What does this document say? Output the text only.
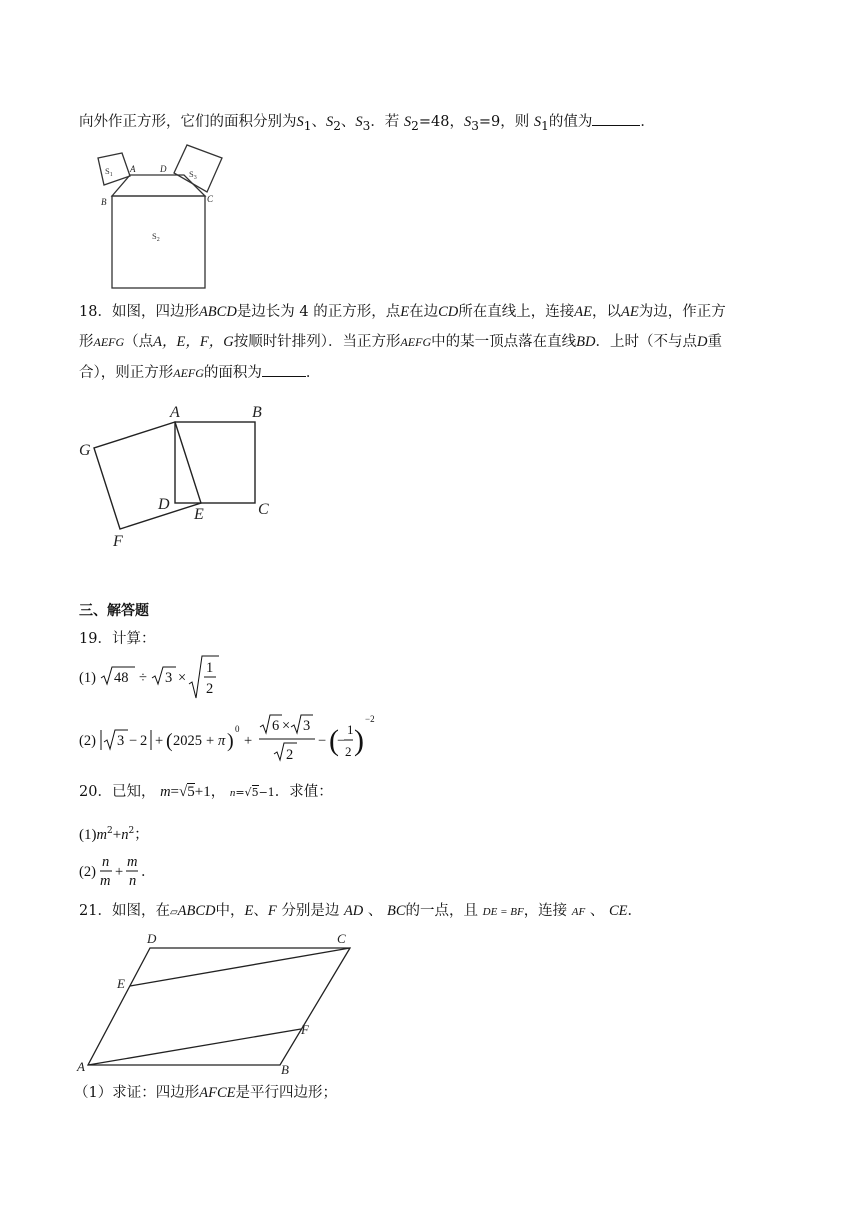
向外作正方形，它们的面积分别为$S_1$、$S_2$、$S_3$．若 $S_2=48$，$S_3=9$，则 $S_1$的值为	．
A	D
B	C
$S_1$	$S_3$
$S_2$
18．如图，四边形ABCD是边长为 4 的正方形，点E在边CD所在直线上，连接AE，以AE为边，作正方
形AEFG（点A，E，F，G按顺时针排列）．当正方形AEFG中的某一顶点落在直线BD．上时（不与点D重
合），则正方形AEFG的面积为	．
A	B
C
D
E
F
G
三、解答题
19．计算：
(1) 48 ÷ 3 ×
1
2
(2) 3 − 2 + ( 2025 + π )
0
+
6 × 3
2
− (
−
1
2 )
−2
20．已知， m=√5+1， n=√5−1．求值：
$(1)m^2+n^2$；
(2)
n
m
+
m
n
．
21．如图，在▱ABCD中，E、F 分别是边 AD 、 BC的一点，且 DE = BF，连接 AF 、 CE．
A	B
C
D
E
F
（1）求证：四边形AFCE是平行四边形；
